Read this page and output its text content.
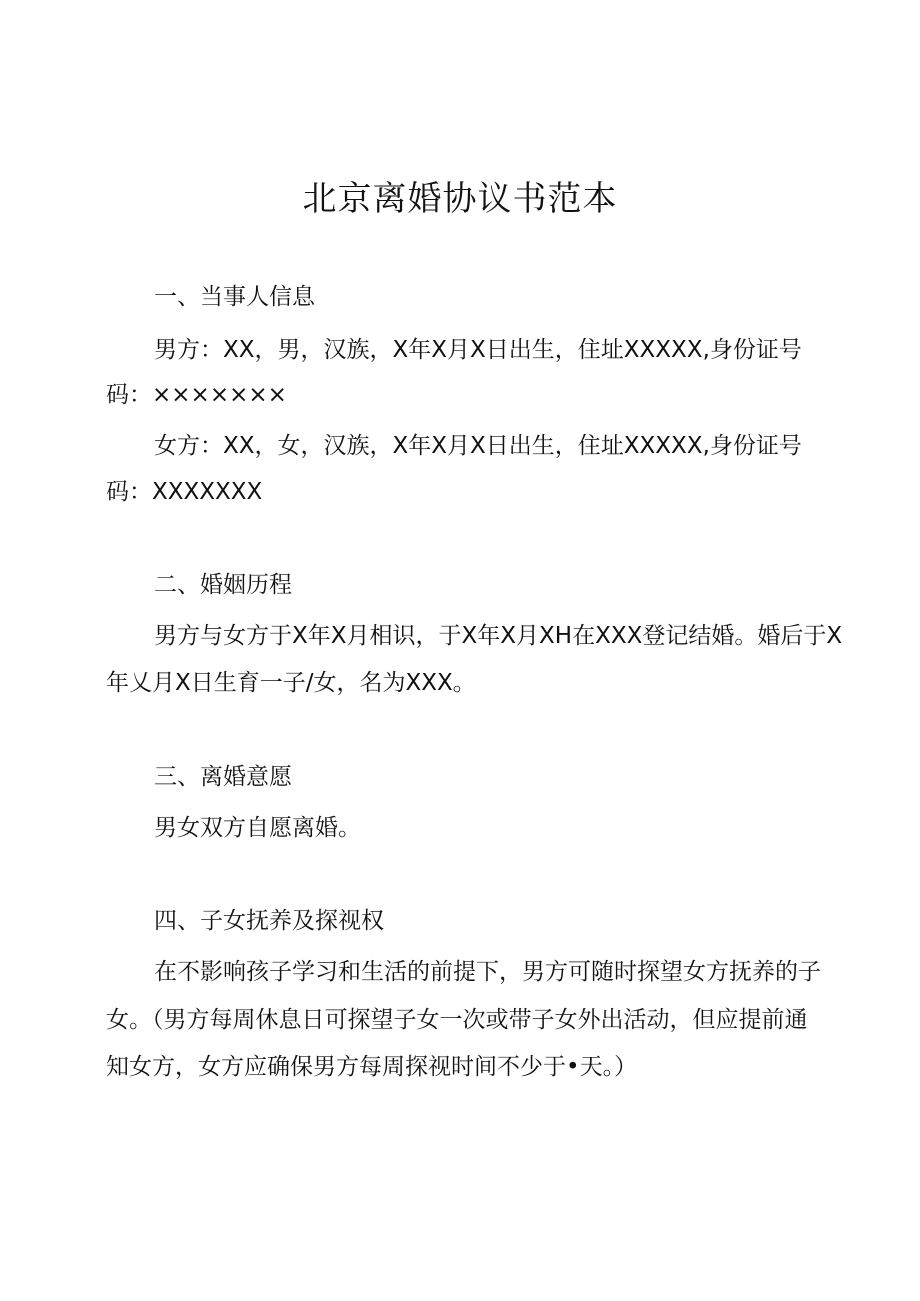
北京离婚协议书范本

一、当事人信息

男方：XX，男，汉族，X年X月X日出生，住址XXXXX,身份证号

码：×××××××

女方：XX，女，汉族，X年X月X日出生，住址XXXXX,身份证号

码：XXXXXXX

二、婚姻历程

男方与女方于X年X月相识，于X年X月XH在XXX登记结婚。婚后于X

年乂月X日生育一子/女，名为XXX。

三、离婚意愿

男女双方自愿离婚。

四、子女抚养及探视权

在不影响孩子学习和生活的前提下，男方可随时探望女方抚养的子

女。（男方每周休息日可探望子女一次或带子女外出活动，但应提前通

知女方，女方应确保男方每周探视时间不少于•天。）
